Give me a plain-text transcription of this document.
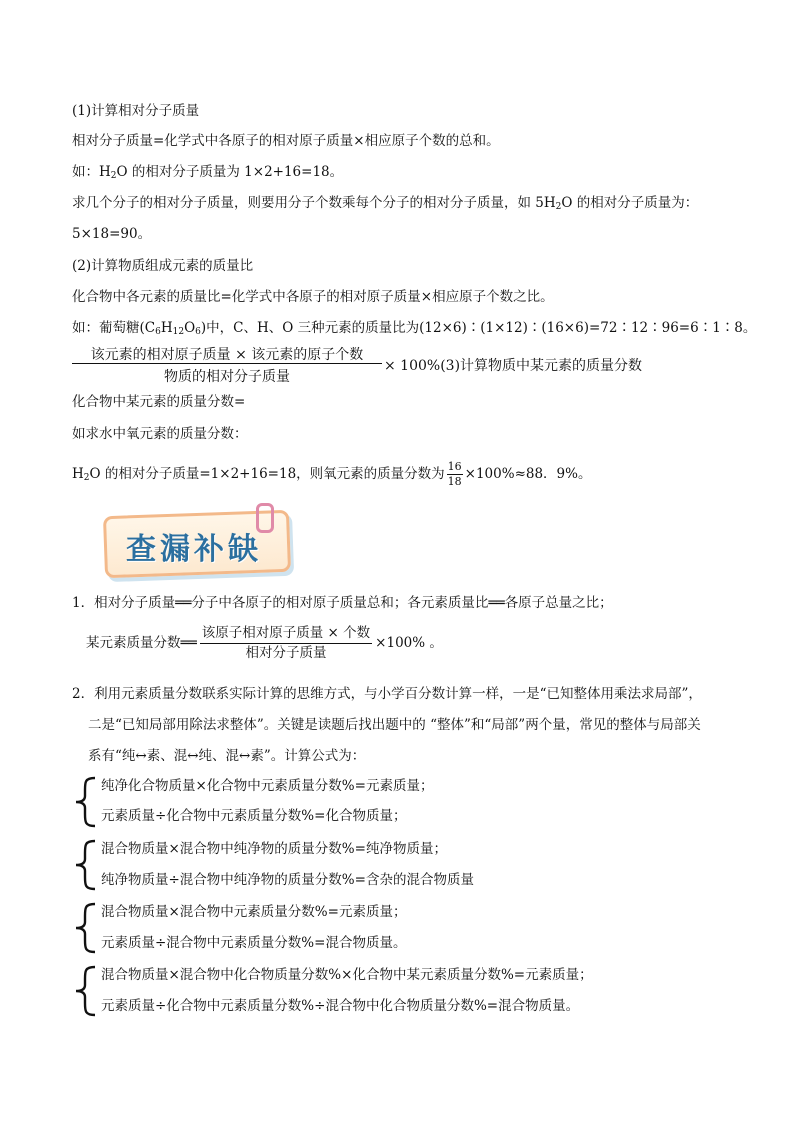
(1)计算相对分子质量
相对分子质量=化学式中各原子的相对原子质量×相应原子个数的总和。
如：$H_2O$ 的相对分子质量为 1×2+16=18。
求几个分子的相对分子质量，则要用分子个数乘每个分子的相对分子质量，如 $5H_2O$ 的相对分子质量为：
5×18=90。
(2)计算物质组成元素的质量比
化合物中各元素的质量比=化学式中各原子的相对原子质量×相应原子个数之比。
如：葡萄糖$(C_6H_{12}O_6)$中，C、H、O 三种元素的质量比为(12×6)∶(1×12)∶(16×6)=72∶12∶96=6∶1∶8。
该元素的相对原子质量 × 该元素的原子个数
物质的相对分子质量
× 100%(3)计算物质中某元素的质量分数
化合物中某元素的质量分数=
如求水中氧元素的质量分数：
$H_2O$ 的相对分子质量=1×2+16=18，则氧元素的质量分数为 $\frac{16}{18} \times 100\%\approx 88$．9%。
查漏补缺
1．相对分子质量══分子中各原子的相对原子质量总和；各元素质量比══各原子总量之比；
某元素质量分数══ $\frac{\text{该原子相对原子质量 × 个数}}{\text{相对分子质量}} \times 100\%$ 。
2．利用元素质量分数联系实际计算的思维方式，与小学百分数计算一样，一是“已知整体用乘法求局部”，
二是“已知局部用除法求整体”。关键是读题后找出题中的 “整体”和“局部”两个量，常见的整体与局部关
系有“纯↔素、混↔纯、混↔素”。计算公式为：
纯净化合物质量×化合物中元素质量分数%=元素质量；
元素质量÷化合物中元素质量分数%=化合物质量；
混合物质量×混合物中纯净物的质量分数%=纯净物质量；
纯净物质量÷混合物中纯净物的质量分数%=含杂的混合物质量
混合物质量×混合物中元素质量分数%=元素质量；
元素质量÷混合物中元素质量分数%=混合物质量。
混合物质量×混合物中化合物质量分数%×化合物中某元素质量分数%=元素质量；
元素质量÷化合物中元素质量分数%÷混合物中化合物质量分数%=混合物质量。
